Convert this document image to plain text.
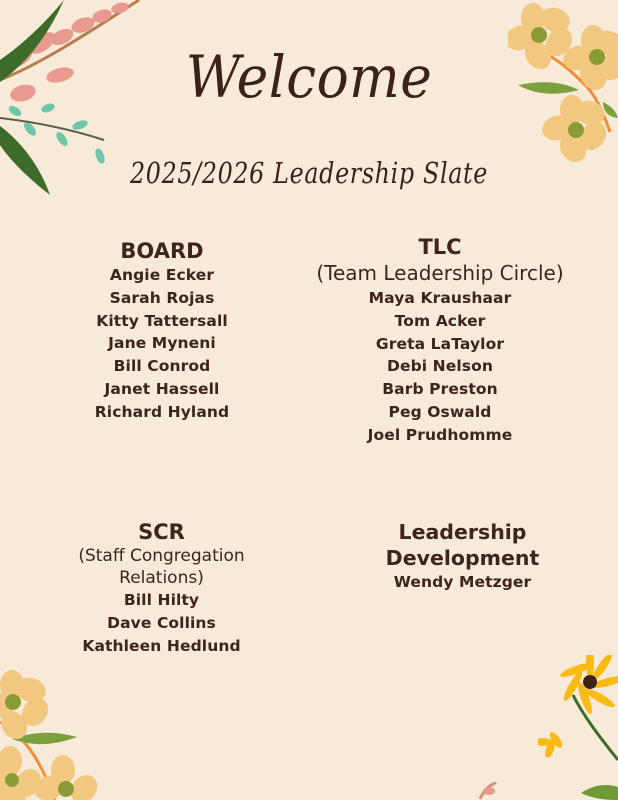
Welcome
2025/2026 Leadership Slate
BOARD
Angie Ecker
Sarah Rojas
Kitty Tattersall
Jane Myneni
Bill Conrod
Janet Hassell
Richard Hyland
TLC
(Team Leadership Circle)
Maya Kraushaar
Tom Acker
Greta LaTaylor
Debi Nelson
Barb Preston
Peg Oswald
Joel Prudhomme
SCR
(Staff Congregation Relations)
Bill Hilty
Dave Collins
Kathleen Hedlund
Leadership Development
Wendy Metzger
